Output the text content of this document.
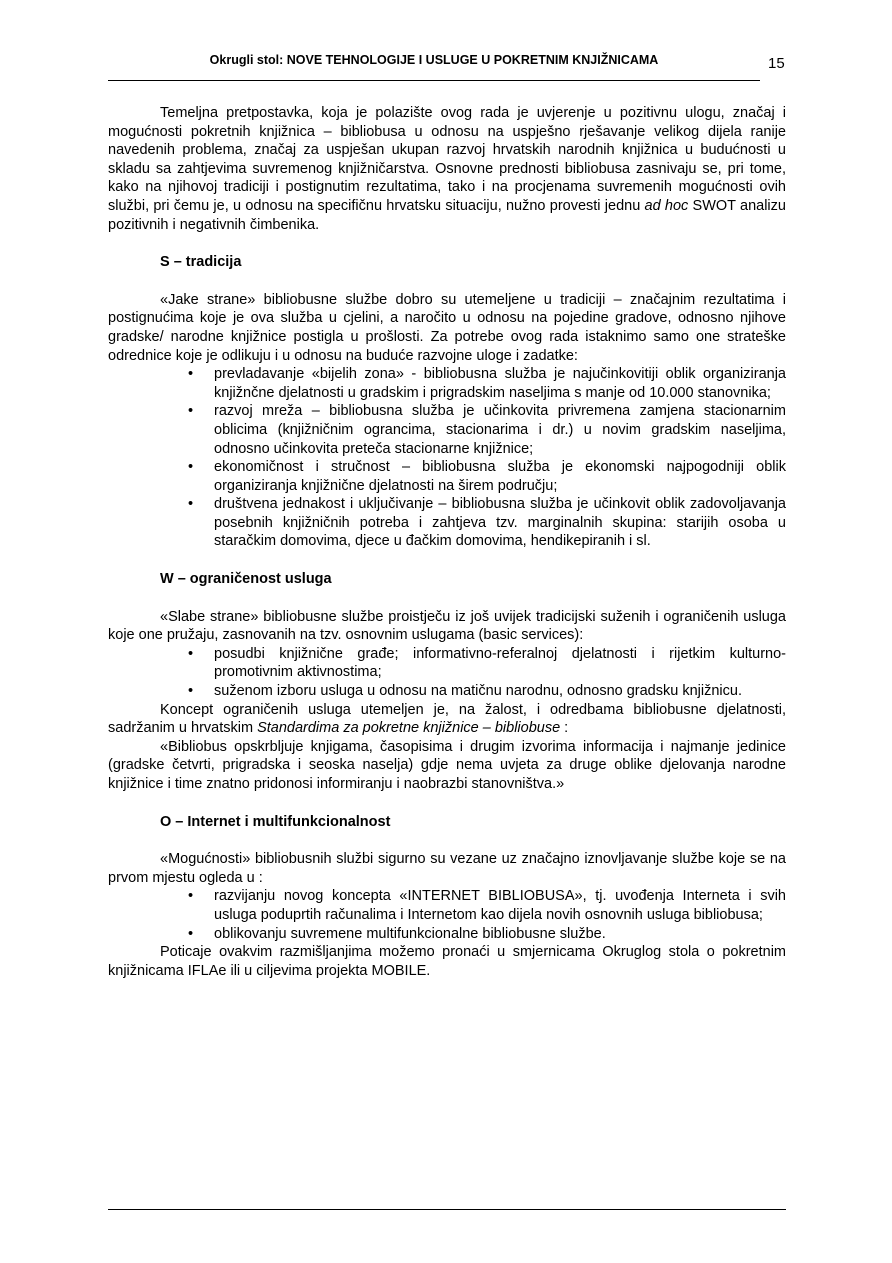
Okrugli stol: NOVE TEHNOLOGIJE I USLUGE U POKRETNIM KNJIŽNICAMA	15

Temeljna pretpostavka, koja je polazište ovog rada je uvjerenje u pozitivnu ulogu, značaj i mogućnosti pokretnih knjižnica – bibliobusa u odnosu na uspješno rješavanje velikog dijela ranije navedenih problema, značaj za uspješan ukupan razvoj hrvatskih narodnih knjižnica u budućnosti u skladu sa zahtjevima suvremenog knjižničarstva. Osnovne prednosti bibliobusa zasnivaju se, pri tome, kako na njihovoj tradiciji i postignutim rezultatima, tako i na procjenama suvremenih mogućnosti ovih službi, pri čemu je, u odnosu na specifičnu hrvatsku situaciju, nužno provesti jednu ad hoc SWOT analizu pozitivnih i negativnih čimbenika.

S – tradicija

«Jake strane» bibliobusne službe dobro su utemeljene u tradiciji – značajnim rezultatima i postignućima koje je ova služba u cjelini, a naročito u odnosu na pojedine gradove, odnosno njihove gradske/ narodne knjižnice postigla u prošlosti. Za potrebe ovog rada istaknimo samo one strateške odrednice koje je odlikuju i u odnosu na buduće razvojne uloge i zadatke:

• prevladavanje «bijelih zona» - bibliobusna služba je najučinkovitiji oblik organiziranja knjižnčne djelatnosti u gradskim i prigradskim naseljima s manje od 10.000 stanovnika;
• razvoj mreža – bibliobusna služba je učinkovita privremena zamjena stacionarnim oblicima (knjižničnim ograncima, stacionarima i dr.) u novim gradskim naseljima, odnosno učinkovita preteča stacionarne knjižnice;
• ekonomičnost i stručnost – bibliobusna služba je ekonomski najpogodniji oblik organiziranja knjižnične djelatnosti na širem području;
• društvena jednakost i uključivanje – bibliobusna služba je učinkovit oblik zadovoljavanja posebnih knjižničnih potreba i zahtjeva tzv. marginalnih skupina: starijih osoba u staračkim domovima, djece u đačkim domovima, hendikepiranih i sl.
W – ograničenost usluga

«Slabe strane» bibliobusne službe proistječu iz još uvijek tradicijski suženih i ograničenih usluga koje one pružaju, zasnovanih na tzv. osnovnim uslugama (basic services):

• posudbi knjižnične građe; informativno-referalnoj djelatnosti i rijetkim kulturno-promotivnim aktivnostima;
• suženom izboru usluga u odnosu na matičnu narodnu, odnosno gradsku knjižnicu.

Koncept ograničenih usluga utemeljen je, na žalost, i odredbama bibliobusne djelatnosti, sadržanim u hrvatskim Standardima za pokretne knjižnice – bibliobuse :

«Bibliobus opskrbljuje knjigama, časopisima i drugim izvorima informacija i najmanje jedinice (gradske četvrti, prigradska i seoska naselja) gdje nema uvjeta za druge oblike djelovanja narodne knjižnice i time znatno pridonosi informiranju i naobrazbi stanovništva.»

O – Internet i multifunkcionalnost

«Mogućnosti» bibliobusnih službi sigurno su vezane uz značajno iznovljavanje službe koje se na prvom mjestu ogleda u :

• razvijanju novog koncepta «INTERNET BIBLIOBUSA», tj. uvođenja Interneta i svih usluga poduprtih računalima i Internetom kao dijela novih osnovnih usluga bibliobusa;
• oblikovanju suvremene multifunkcionalne bibliobusne službe.

Poticaje ovakvim razmišljanjima možemo pronaći u smjernicama Okruglog stola o pokretnim knjižnicama IFLAe ili u ciljevima projekta MOBILE.
